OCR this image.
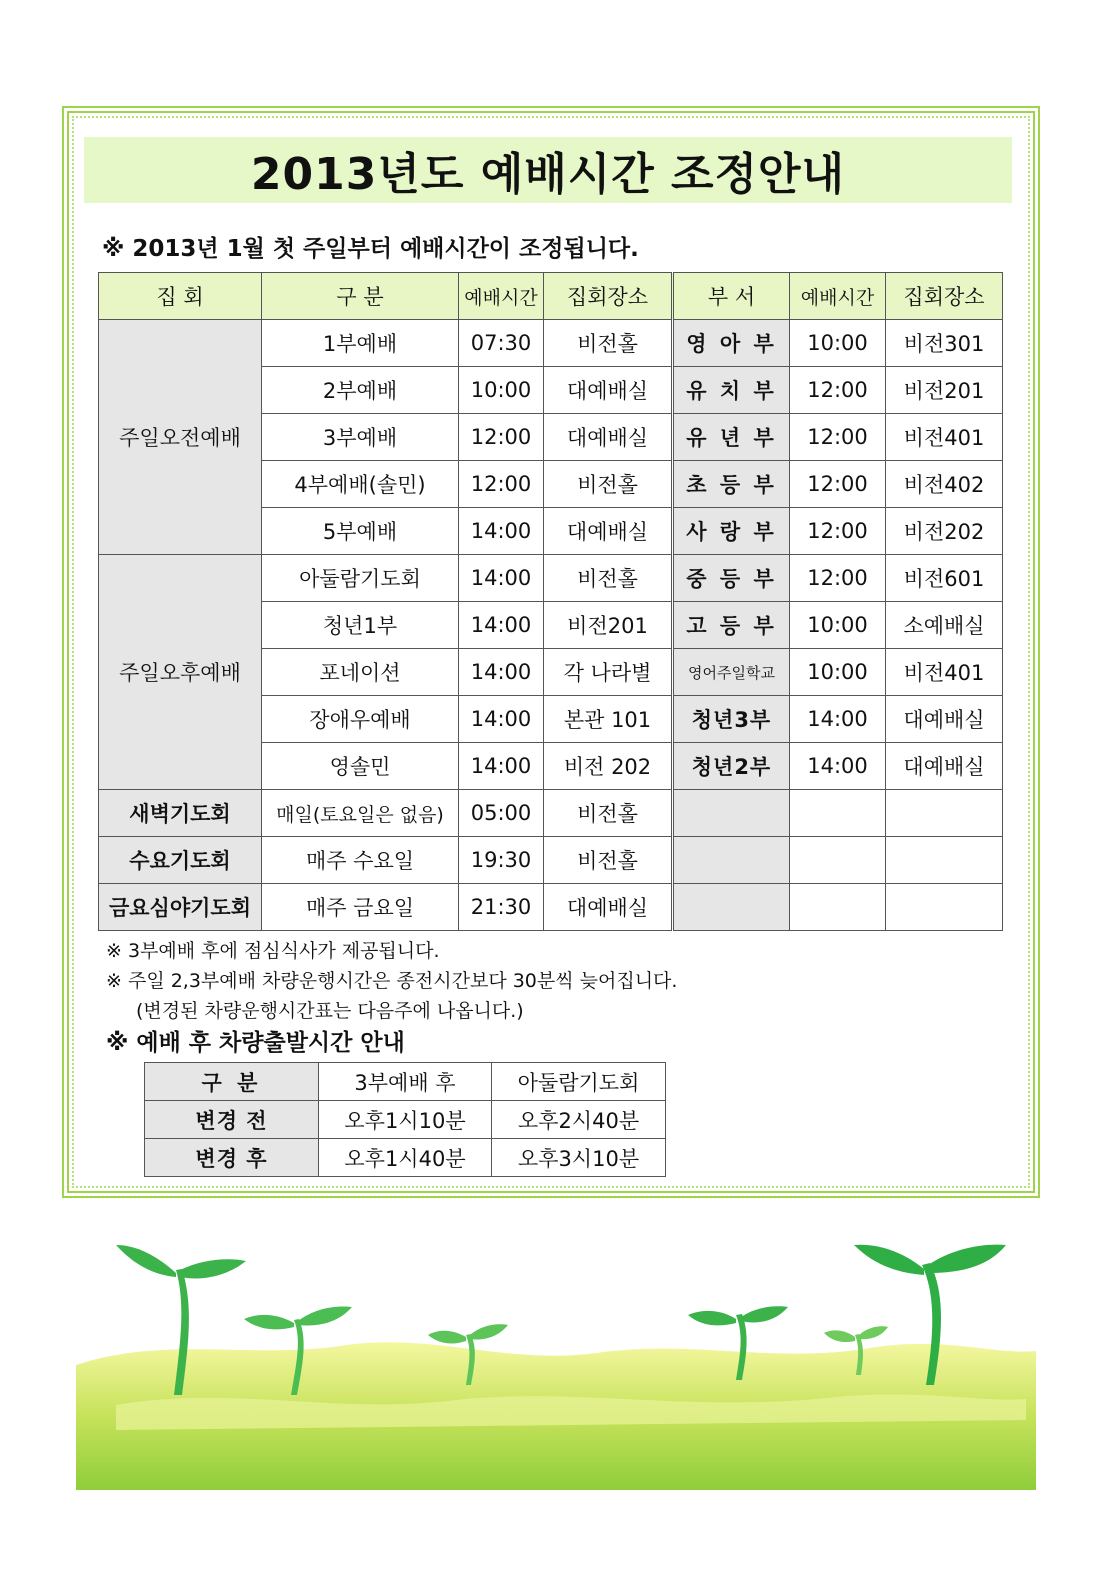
2013년도 예배시간 조정안내
※ 2013년 1월 첫 주일부터 예배시간이 조정됩니다.
집 회	구 분	예배시간	집회장소	부 서	예배시간	집회장소
주일오전예배	1부예배	07:30	비전홀	영 아 부	10:00	비전301
	2부예배	10:00	대예배실	유 치 부	12:00	비전201
	3부예배	12:00	대예배실	유 년 부	12:00	비전401
	4부예배(솔민)	12:00	비전홀	초 등 부	12:00	비전402
	5부예배	14:00	대예배실	사 랑 부	12:00	비전202
주일오후예배	아둘람기도회	14:00	비전홀	중 등 부	12:00	비전601
	청년1부	14:00	비전201	고 등 부	10:00	소예배실
	포네이션	14:00	각 나라별	영어주일학교	10:00	비전401
	장애우예배	14:00	본관 101	청년3부	14:00	대예배실
	영솔민	14:00	비전 202	청년2부	14:00	대예배실
새벽기도회	매일(토요일은 없음)	05:00	비전홀			
수요기도회	매주 수요일	19:30	비전홀			
금요심야기도회	매주 금요일	21:30	대예배실			
※ 3부예배 후에 점심식사가 제공됩니다.
※ 주일 2,3부예배 차량운행시간은 종전시간보다 30분씩 늦어집니다.
(변경된 차량운행시간표는 다음주에 나옵니다.)
※ 예배 후 차량출발시간 안내
구 분	3부예배 후	아둘람기도회
변경 전	오후1시10분	오후2시40분
변경 후	오후1시40분	오후3시10분
